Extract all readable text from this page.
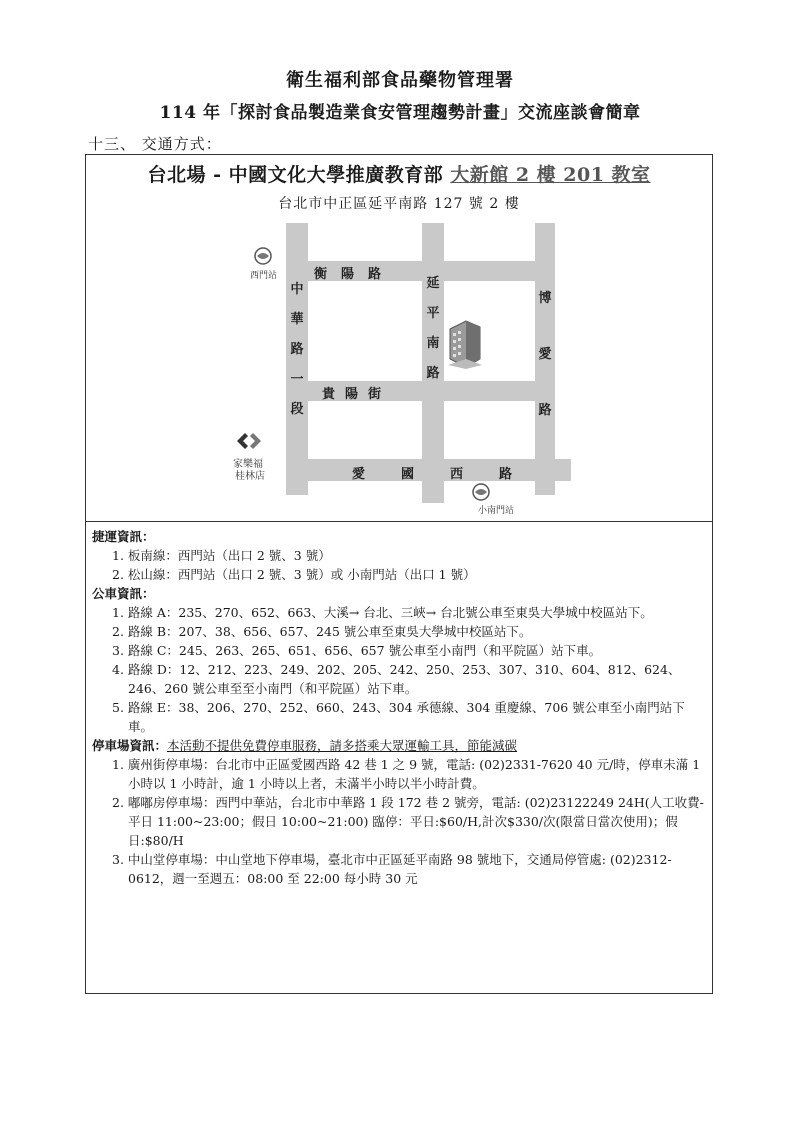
衛生福利部食品藥物管理署
114 年「探討食品製造業食安管理趨勢計畫」交流座談會簡章
十三、 交通方式：
台北場 - 中國文化大學推廣教育部 大新館 2 樓 201 教室
台北市中正區延平南路 127 號 2 樓
衡陽路
延平南路
博愛路
中華路一段
貴陽街
愛國西路
西門站
家樂福
桂林店
小南門站
捷運資訊：
1. 板南線：西門站（出口 2 號、3 號）
2. 松山線：西門站（出口 2 號、3 號）或 小南門站（出口 1 號）
公車資訊：
1. 路線 A：235、270、652、663、大溪→ 台北、三峽→ 台北號公車至東吳大學城中校區站下。
2. 路線 B：207、38、656、657、245 號公車至東吳大學城中校區站下。
3. 路線 C：245、263、265、651、656、657 號公車至小南門（和平院區）站下車。
4. 路線 D：12、212、223、249、202、205、242、250、253、307、310、604、812、624、246、260 號公車至至小南門（和平院區）站下車。
5. 路線 E：38、206、270、252、660、243、304 承德線、304 重慶線、706 號公車至小南門站下車。
停車場資訊：本活動不提供免費停車服務，請多搭乘大眾運輸工具，節能減碳
1. 廣州街停車場：台北市中正區愛國西路 42 巷 1 之 9 號，電話: (02)2331-7620 40 元/時，停車未滿 1 小時以 1 小時計，逾 1 小時以上者，未滿半小時以半小時計費。
2. 嘟嘟房停車場：西門中華站，台北市中華路 1 段 172 巷 2 號旁，電話: (02)23122249 24H(人工收費-平日 11:00~23:00；假日 10:00~21:00) 臨停：平日:$60/H,計次$330/次(限當日當次使用)；假日:$80/H
3. 中山堂停車場：中山堂地下停車場，臺北市中正區延平南路 98 號地下，交通局停管處: (02)2312-0612，週一至週五：08:00 至 22:00 每小時 30 元
